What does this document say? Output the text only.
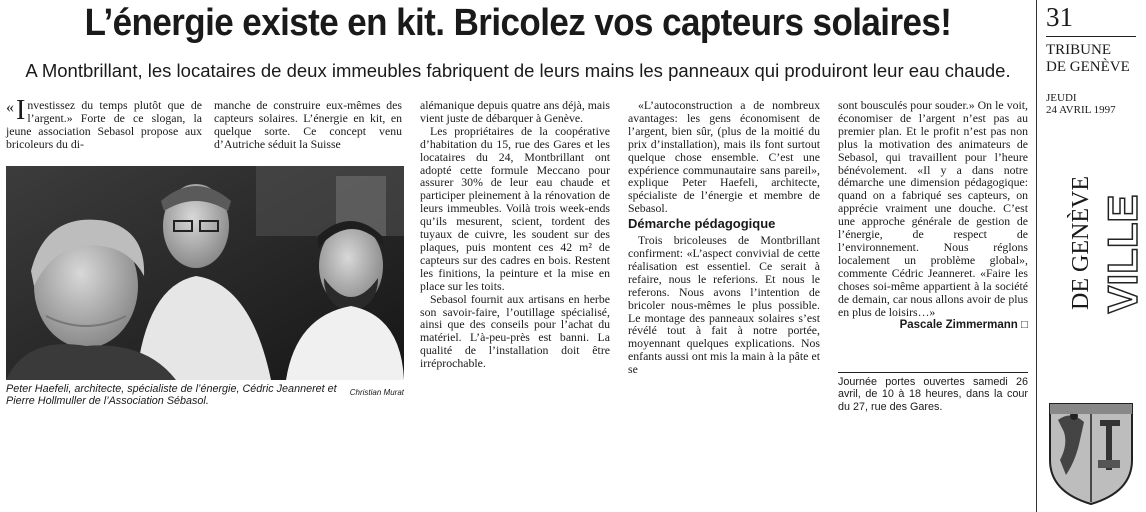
L’énergie existe en kit. Bricolez vos capteurs solaires!
A Montbrillant, les locataires de deux immeubles fabriquent de leurs mains les panneaux qui produiront leur eau chaude.

« I nvestissez du temps plutôt que de l’argent.» Forte de ce slogan, la jeune association Sebasol propose aux bricoleurs du di-

manche de construire eux-mêmes des capteurs solaires. L’énergie en kit, en quelque sorte. Ce concept venu d’Autriche séduit la Suisse

Christian Murat
Peter Haefeli, architecte, spécialiste de l’énergie, Cédric Jeanneret et Pierre Hollmuller de l’Association Sébasol.

alémanique depuis quatre ans déjà, mais vient juste de débarquer à Genève.

Les propriétaires de la coopérative d’habitation du 15, rue des Gares et les locataires du 24, Montbrillant ont adopté cette formule Meccano pour assurer 30% de leur eau chaude et participer pleinement à la rénovation de leurs immeubles. Voilà trois week-ends qu’ils mesurent, scient, tordent des tuyaux de cuivre, les soudent sur des plaques, puis montent ces 42 m² de capteurs sur des cadres en bois. Restent les finitions, la peinture et la mise en place sur les toits.

Sebasol fournit aux artisans en herbe son savoir-faire, l’outillage spécialisé, ainsi que des conseils pour l’achat du matériel. L’à-peu-près est banni. La qualité de l’installation doit être irréprochable.

«L’autoconstruction a de nombreux avantages: les gens économisent de l’argent, bien sûr, (plus de la moitié du prix d’installation), mais ils font surtout quelque chose ensemble. C’est une expérience communautaire sans pareil», explique Peter Haefeli, architecte, spécialiste de l’énergie et membre de Sebasol.

Démarche pédagogique

Trois bricoleuses de Montbrillant confirment: «L’aspect convivial de cette réalisation est essentiel. Ce serait à refaire, nous le referions. Et nous le referons. Nous avons l’intention de bricoler nous-mêmes le plus possible. Le montage des panneaux solaires s’est révélé tout à fait à notre portée, moyennant quelques explications. Nos enfants aussi ont mis la main à la pâte et se

sont bousculés pour souder.» On le voit, économiser de l’argent n’est pas au premier plan. Et le profit n’est pas non plus la motivation des animateurs de Sebasol, qui travaillent pour l’heure bénévolement. «Il y a dans notre démarche une dimension pédagogique: quand on a fabriqué ses capteurs, on apprécie vraiment une douche. C’est une approche générale de gestion de l’énergie, de respect de l’environnement. Nous réglons localement un problème global», commente Cédric Jeanneret. «Faire les choses soi-même appartient à la société de demain, car nous allons avoir de plus en plus de loisirs…»

Pascale Zimmermann □
Journée portes ouvertes samedi 26 avril, de 10 à 18 heures, dans la cour du 27, rue des Gares.
31
TRIBUNE
DE GENÈVE
JEUDI
24 AVRIL 1997
DE GENÈVE VILLE
